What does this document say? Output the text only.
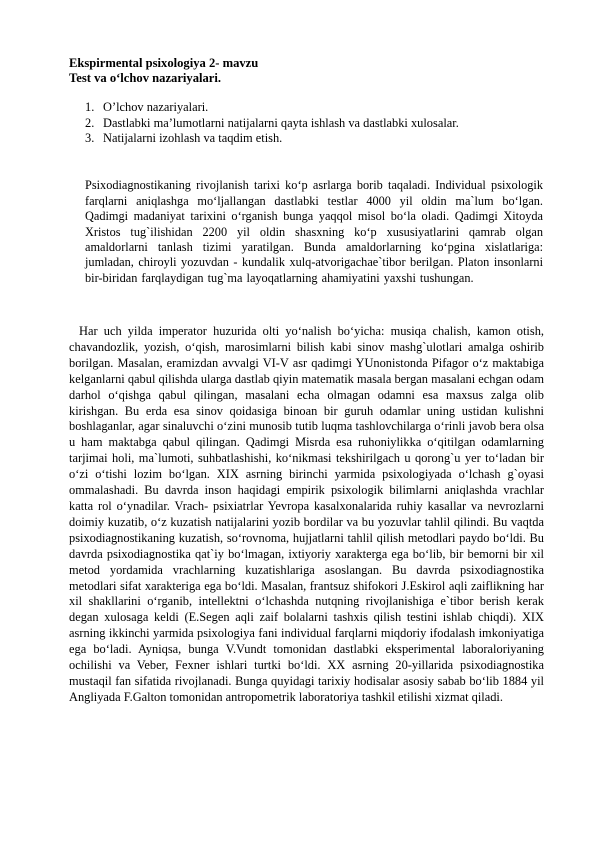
Ekspirmental psixologiya 2- mavzu
Test va o‘lchov nazariyalari.
1. O’lchov nazariyalari.
2. Dastlabki ma’lumotlarni natijalarni qayta ishlash va dastlabki xulosalar.
3. Natijalarni izohlash va taqdim etish.

Psixodiagnostikaning rivojlanish tarixi ko‘p asrlarga borib taqaladi. Individual psixologik farqlarni aniqlashga mo‘ljallangan dastlabki testlar 4000 yil oldin ma`lum bo‘lgan. Qadimgi madaniyat tarixini o‘rganish bunga yaqqol misol bo‘la oladi. Qadimgi Xitoyda Xristos tug`ilishidan 2200 yil oldin shasxning ko‘p xususiyatlarini qamrab olgan amaldorlarni tanlash tizimi yaratilgan. Bunda amaldorlarning ko‘pgina xislatlariga: jumladan, chiroyli yozuvdan - kundalik xulq-atvorigachae`tibor berilgan. Platon insonlarni bir-biridan farqlaydigan tug`ma layoqatlarning ahamiyatini yaxshi tushungan.

Har uch yilda imperator huzurida olti yo‘nalish bo‘yicha: musiqa chalish, kamon otish, chavandozlik, yozish, o‘qish, marosimlarni bilish kabi sinov mashg`ulotlari amalga oshirib borilgan. Masalan, eramizdan avvalgi VI-V asr qadimgi YUnonistonda Pifagor o‘z maktabiga kelganlarni qabul qilishda ularga dastlab qiyin matematik masala bergan masalani echgan odam darhol o‘qishga qabul qilingan, masalani echa olmagan odamni esa maxsus zalga olib kirishgan. Bu erda esa sinov qoidasiga binoan bir guruh odamlar uning ustidan kulishni boshlaganlar, agar sinaluvchi o‘zini munosib tutib luqma tashlovchilarga o‘rinli javob bera olsa u ham maktabga qabul qilingan. Qadimgi Misrda esa ruhoniylikka o‘qitilgan odamlarning tarjimai holi, ma`lumoti, suhbatlashishi, ko‘nikmasi tekshirilgach u qorong`u yer to‘ladan bir o‘zi o‘tishi lozim bo‘lgan. XIX asrning birinchi yarmida psixologiyada o‘lchash g`oyasi ommalashadi. Bu davrda inson haqidagi empirik psixologik bilimlarni aniqlashda vrachlar katta rol o‘ynadilar. Vrach- psixiatrlar Yevropa kasalxonalarida ruhiy kasallar va nevrozlarni doimiy kuzatib, o‘z kuzatish natijalarini yozib bordilar va bu yozuvlar tahlil qilindi. Bu vaqtda psixodiagnostikaning kuzatish, so‘rovnoma, hujjatlarni tahlil qilish metodlari paydo bo‘ldi. Bu davrda psixodiagnostika qat`iy bo‘lmagan, ixtiyoriy xarakterga ega bo‘lib, bir bemorni bir xil metod yordamida vrachlarning kuzatishlariga asoslangan. Bu davrda psixodiagnostika metodlari sifat xarakteriga ega bo‘ldi. Masalan, frantsuz shifokori J.Eskirol aqli zaiflikning har xil shakllarini o‘rganib, intellektni o‘lchashda nutqning rivojlanishiga e`tibor berish kerak degan xulosaga keldi (E.Segen aqli zaif bolalarni tashxis qilish testini ishlab chiqdi). XIX asrning ikkinchi yarmida psixologiya fani individual farqlarni miqdoriy ifodalash imkoniyatiga ega bo‘ladi. Ayniqsa, bunga V.Vundt tomonidan dastlabki eksperimental laboraloriyaning ochilishi va Veber, Fexner ishlari turtki bo‘ldi. XX asrning 20-yillarida psixodiagnostika mustaqil fan sifatida rivojlanadi. Bunga quyidagi tarixiy hodisalar asosiy sabab bo‘lib 1884 yil Angliyada F.Galton tomonidan antropometrik laboratoriya tashkil etilishi xizmat qiladi.
